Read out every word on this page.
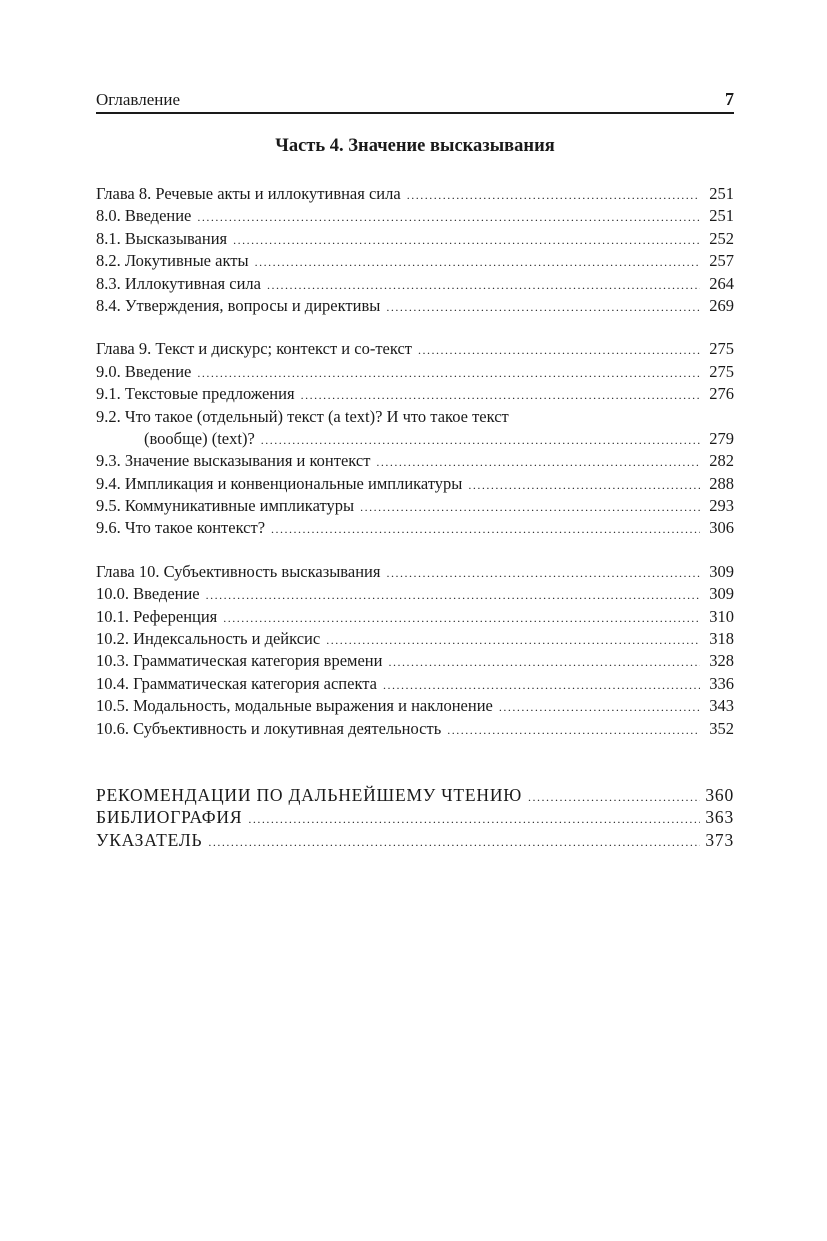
Оглавление	7
Часть 4. Значение высказывания
Глава 8. Речевые акты и иллокутивная сила .....	251
8.0. Введение .....	251
8.1. Высказывания .....	252
8.2. Локутивные акты .....	257
8.3. Иллокутивная сила .....	264
8.4. Утверждения, вопросы и директивы .....	269
Глава 9. Текст и дискурс; контекст и со-текст .....	275
9.0. Введение .....	275
9.1. Текстовые предложения .....	276
9.2. Что такое (отдельный) текст (a text)? И что такое текст
(вообще) (text)? .....	279
9.3. Значение высказывания и контекст .....	282
9.4. Импликация и конвенциональные импликатуры .....	288
9.5. Коммуникативные импликатуры .....	293
9.6. Что такое контекст? .....	306
Глава 10. Субъективность высказывания .....	309
10.0. Введение .....	309
10.1. Референция .....	310
10.2. Индексальность и дейксис .....	318
10.3. Грамматическая категория времени .....	328
10.4. Грамматическая категория аспекта .....	336
10.5. Модальность, модальные выражения и наклонение .....	343
10.6. Субъективность и локутивная деятельность .....	352
РЕКОМЕНДАЦИИ ПО ДАЛЬНЕЙШЕМУ ЧТЕНИЮ .....	360
БИБЛИОГРАФИЯ .....	363
УКАЗАТЕЛЬ .....	373
